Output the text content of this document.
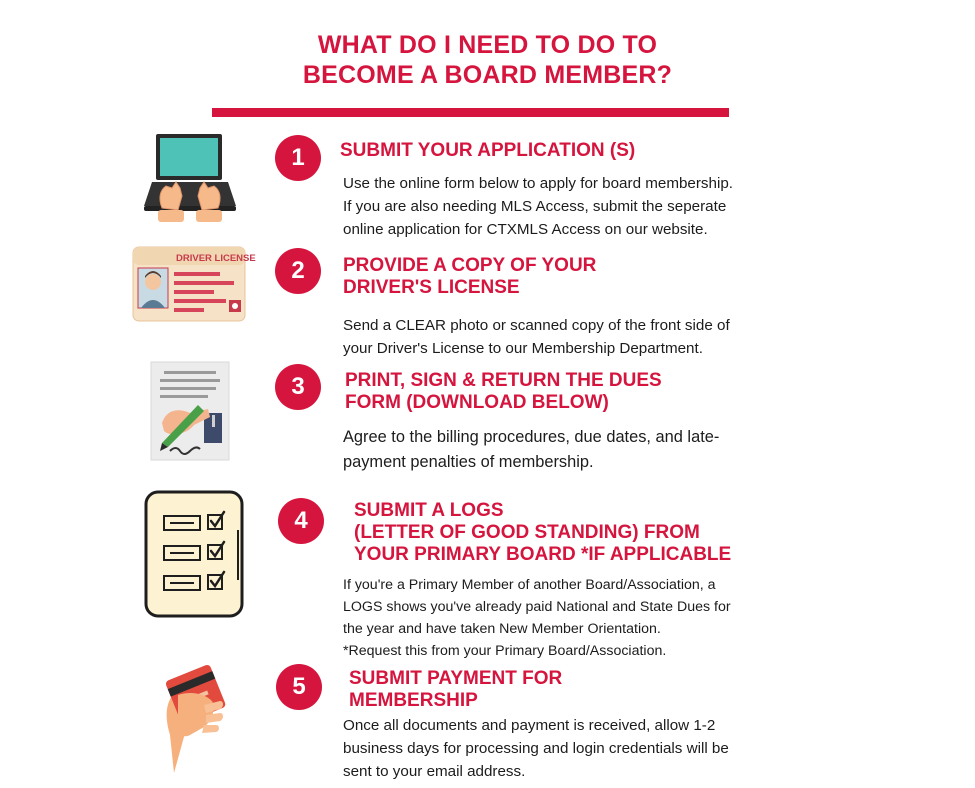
WHAT DO I NEED TO DO TO
BECOME A BOARD MEMBER?
1	SUBMIT YOUR APPLICATION (S)
Use the online form below to apply for board membership.
If you are also needing MLS Access, submit the seperate
online application for CTXMLS Access on our website.
DRIVER LICENSE	2	PROVIDE A COPY OF YOUR
DRIVER'S LICENSE
Send a CLEAR photo or scanned copy of the front side of
your Driver's License to our Membership Department.
3	PRINT, SIGN & RETURN THE DUES
FORM (DOWNLOAD BELOW)
Agree to the billing procedures, due dates, and late-
payment penalties of membership.
4	SUBMIT A LOGS
(LETTER OF GOOD STANDING) FROM
YOUR PRIMARY BOARD *IF APPLICABLE
If you're a Primary Member of another Board/Association, a
LOGS shows you've already paid National and State Dues for
the year and have taken New Member Orientation.
*Request this from your Primary Board/Association.
5	SUBMIT PAYMENT FOR
MEMBERSHIP
Once all documents and payment is received, allow 1-2
business days for processing and login credentials will be
sent to your email address.
